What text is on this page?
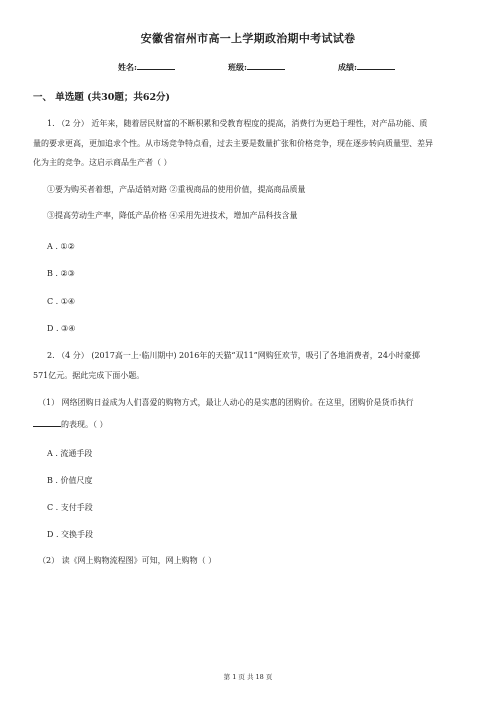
安徽省宿州市高一上学期政治期中考试试卷
姓名:	班级:	成绩:
一、 单选题 (共30题；共62分)
1. （2 分） 近年来，随着居民财富的不断积累和受教育程度的提高，消费行为更趋于理性，对产品功能、质
量的要求更高，更加追求个性。从市场竞争特点看，过去主要是数量扩张和价格竞争，现在逐步转向质量型、差异
化为主的竞争。这启示商品生产者（ ）
①要为购买者着想，产品适销对路 ②重视商品的使用价值，提高商品质量
③提高劳动生产率，降低产品价格 ④采用先进技术，增加产品科技含量
A . ①②
B . ②③
C . ①④
D . ③④
2. （4 分） (2017高一上·临川期中) 2016年的天猫“双11”网购狂欢节，吸引了各地消费者，24小时豪掷
571亿元。据此完成下面小题。
（1） 网络团购日益成为人们喜爱的购物方式，最让人动心的是实惠的团购价。在这里，团购价是货币执行
的表现。（ ）
A . 流通手段
B . 价值尺度
C . 支付手段
D . 交换手段
（2） 读《网上购物流程图》可知，网上购物（ ）
第 1 页 共 18 页
